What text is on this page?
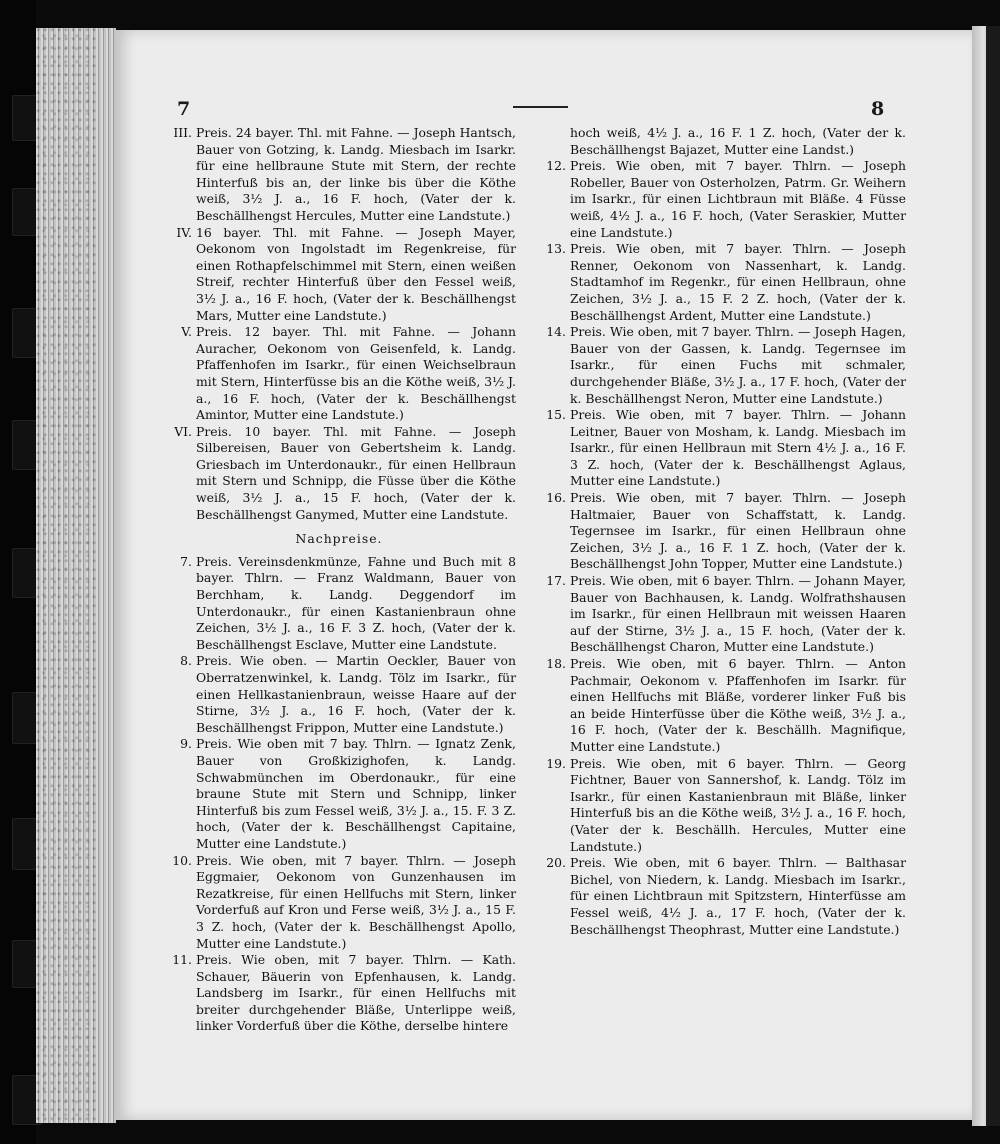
7	8
III. Preis. 24 bayer. Thl. mit Fahne. — Joseph Hantsch, Bauer von Gotzing, k. Landg. Miesbach im Isarkr. für eine hellbraune Stute mit Stern, der rechte Hinterfuß bis an, der linke bis über die Köthe weiß, 3½ J. a., 16 F. hoch, (Vater der k. Beschällhengst Hercules, Mutter eine Landstute.)
IV. 16 bayer. Thl. mit Fahne. — Joseph Mayer, Oekonom von Ingolstadt im Regenkreise, für einen Rothapfelschimmel mit Stern, einen weißen Streif, rechter Hinterfuß über den Fessel weiß, 3½ J. a., 16 F. hoch, (Vater der k. Beschällhengst Mars, Mutter eine Landstute.)
V. Preis. 12 bayer. Thl. mit Fahne. — Johann Auracher, Oekonom von Geisenfeld, k. Landg. Pfaffenhofen im Isarkr., für einen Weichselbraun mit Stern, Hinterfüsse bis an die Köthe weiß, 3½ J. a., 16 F. hoch, (Vater der k. Beschällhengst Amintor, Mutter eine Landstute.)
VI. Preis. 10 bayer. Thl. mit Fahne. — Joseph Silbereisen, Bauer von Gebertsheim k. Landg. Griesbach im Unterdonaukr., für einen Hellbraun mit Stern und Schnipp, die Füsse über die Köthe weiß, 3½ J. a., 15 F. hoch, (Vater der k. Beschällhengst Ganymed, Mutter eine Landstute.
Nachpreise.
7. Preis. Vereinsdenkmünze, Fahne und Buch mit 8 bayer. Thlrn. — Franz Waldmann, Bauer von Berchham, k. Landg. Deggendorf im Unterdonaukr., für einen Kastanienbraun ohne Zeichen, 3½ J. a., 16 F. 3 Z. hoch, (Vater der k. Beschällhengst Esclave, Mutter eine Landstute.
8. Preis. Wie oben. — Martin Oeckler, Bauer von Oberratzenwinkel, k. Landg. Tölz im Isarkr., für einen Hellkastanienbraun, weisse Haare auf der Stirne, 3½ J. a., 16 F. hoch, (Vater der k. Beschällhengst Frippon, Mutter eine Landstute.)
9. Preis. Wie oben mit 7 bay. Thlrn. — Ignatz Zenk, Bauer von Großkizighofen, k. Landg. Schwabmünchen im Oberdonaukr., für eine braune Stute mit Stern und Schnipp, linker Hinterfuß bis zum Fessel weiß, 3½ J. a., 15. F. 3 Z. hoch, (Vater der k. Beschällhengst Capitaine, Mutter eine Landstute.)
10. Preis. Wie oben, mit 7 bayer. Thlrn. — Joseph Eggmaier, Oekonom von Gunzenhausen im Rezatkreise, für einen Hellfuchs mit Stern, linker Vorderfuß auf Kron und Ferse weiß, 3½ J. a., 15 F. 3 Z. hoch, (Vater der k. Beschällhengst Apollo, Mutter eine Landstute.)
11. Preis. Wie oben, mit 7 bayer. Thlrn. — Kath. Schauer, Bäuerin von Epfenhausen, k. Landg. Landsberg im Isarkr., für einen Hellfuchs mit breiter durchgehender Bläße, Unterlippe weiß, linker Vorderfuß über die Köthe, derselbe hintere
hoch weiß, 4½ J. a., 16 F. 1 Z. hoch, (Vater der k. Beschällhengst Bajazet, Mutter eine Landst.)
12. Preis. Wie oben, mit 7 bayer. Thlrn. — Joseph Robeller, Bauer von Osterholzen, Patrm. Gr. Weihern im Isarkr., für einen Lichtbraun mit Bläße. 4 Füsse weiß, 4½ J. a., 16 F. hoch, (Vater Seraskier, Mutter eine Landstute.)
13. Preis. Wie oben, mit 7 bayer. Thlrn. — Joseph Renner, Oekonom von Nassenhart, k. Landg. Stadtamhof im Regenkr., für einen Hellbraun, ohne Zeichen, 3½ J. a., 15 F. 2 Z. hoch, (Vater der k. Beschällhengst Ardent, Mutter eine Landstute.)
14. Preis. Wie oben, mit 7 bayer. Thlrn. — Joseph Hagen, Bauer von der Gassen, k. Landg. Tegernsee im Isarkr., für einen Fuchs mit schmaler, durchgehender Bläße, 3½ J. a., 17 F. hoch, (Vater der k. Beschällhengst Neron, Mutter eine Landstute.)
15. Preis. Wie oben, mit 7 bayer. Thlrn. — Johann Leitner, Bauer von Mosham, k. Landg. Miesbach im Isarkr., für einen Hellbraun mit Stern 4½ J. a., 16 F. 3 Z. hoch, (Vater der k. Beschällhengst Aglaus, Mutter eine Landstute.)
16. Preis. Wie oben, mit 7 bayer. Thlrn. — Joseph Haltmaier, Bauer von Schaffstatt, k. Landg. Tegernsee im Isarkr., für einen Hellbraun ohne Zeichen, 3½ J. a., 16 F. 1 Z. hoch, (Vater der k. Beschällhengst John Topper, Mutter eine Landstute.)
17. Preis. Wie oben, mit 6 bayer. Thlrn. — Johann Mayer, Bauer von Bachhausen, k. Landg. Wolfrathshausen im Isarkr., für einen Hellbraun mit weissen Haaren auf der Stirne, 3½ J. a., 15 F. hoch, (Vater der k. Beschällhengst Charon, Mutter eine Landstute.)
18. Preis. Wie oben, mit 6 bayer. Thlrn. — Anton Pachmair, Oekonom v. Pfaffenhofen im Isarkr. für einen Hellfuchs mit Bläße, vorderer linker Fuß bis an beide Hinterfüsse über die Köthe weiß, 3½ J. a., 16 F. hoch, (Vater der k. Beschällh. Magnifique, Mutter eine Landstute.)
19. Preis. Wie oben, mit 6 bayer. Thlrn. — Georg Fichtner, Bauer von Sannershof, k. Landg. Tölz im Isarkr., für einen Kastanienbraun mit Bläße, linker Hinterfuß bis an die Köthe weiß, 3½ J. a., 16 F. hoch, (Vater der k. Beschällh. Hercules, Mutter eine Landstute.)
20. Preis. Wie oben, mit 6 bayer. Thlrn. — Balthasar Bichel, von Niedern, k. Landg. Miesbach im Isarkr., für einen Lichtbraun mit Spitzstern, Hinterfüsse am Fessel weiß, 4½ J. a., 17 F. hoch, (Vater der k. Beschällhengst Theophrast, Mutter eine Landstute.)
